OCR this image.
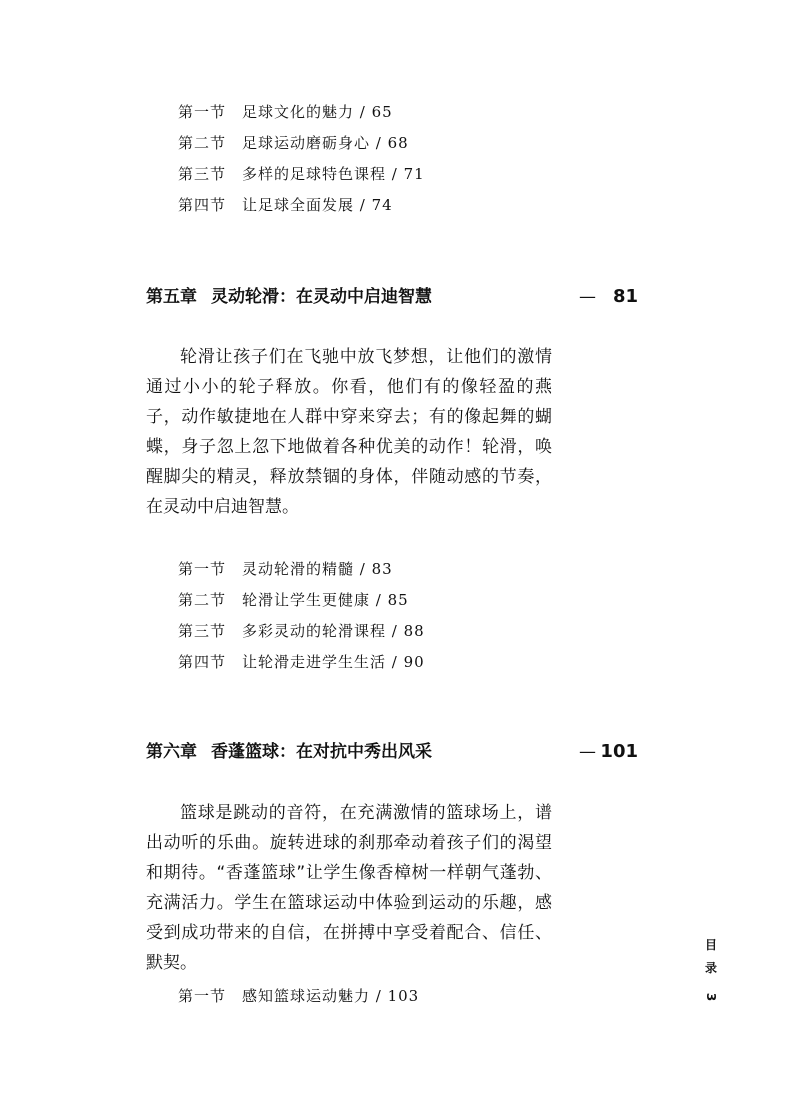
第一节 足球文化的魅力 / 65
第二节 足球运动磨砺身心 / 68
第三节 多样的足球特色课程 / 71
第四节 让足球全面发展 / 74
第五章 灵动轮滑：在灵动中启迪智慧	— 81
轮滑让孩子们在飞驰中放飞梦想，让他们的激情通过小小的轮子释放。你看，他们有的像轻盈的燕子，动作敏捷地在人群中穿来穿去；有的像起舞的蝴蝶，身子忽上忽下地做着各种优美的动作！轮滑，唤醒脚尖的精灵，释放禁锢的身体，伴随动感的节奏，在灵动中启迪智慧。
第一节 灵动轮滑的精髓 / 83
第二节 轮滑让学生更健康 / 85
第三节 多彩灵动的轮滑课程 / 88
第四节 让轮滑走进学生生活 / 90
第六章 香蓬篮球：在对抗中秀出风采	— 101
篮球是跳动的音符，在充满激情的篮球场上，谱出动听的乐曲。旋转进球的刹那牵动着孩子们的渴望和期待。“香蓬篮球”让学生像香樟树一样朝气蓬勃、充满活力。学生在篮球运动中体验到运动的乐趣，感受到成功带来的自信，在拼搏中享受着配合、信任、默契。
第一节 感知篮球运动魅力 / 103
目
录
3
